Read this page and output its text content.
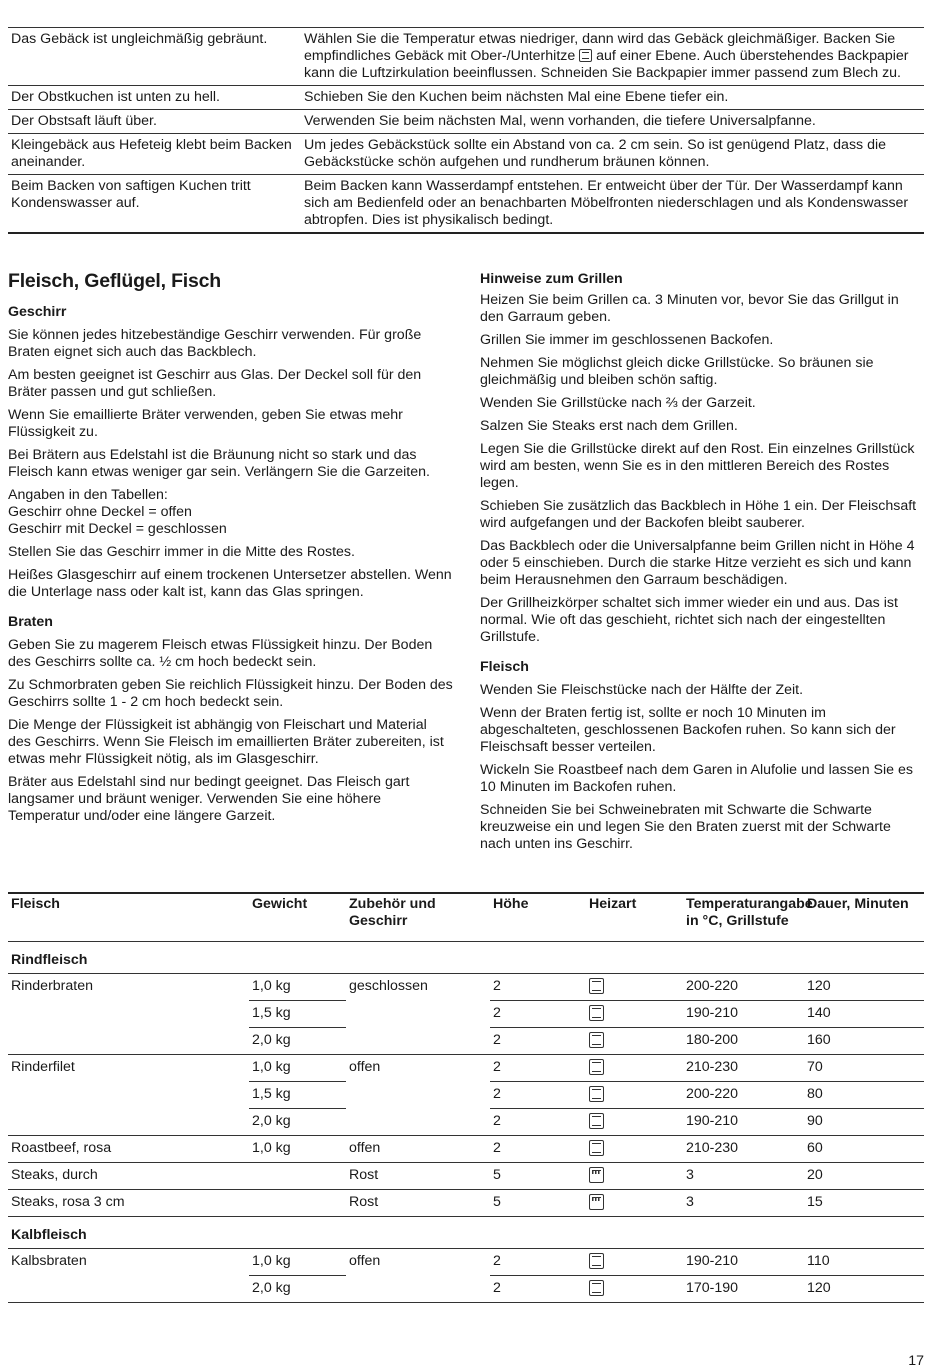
Das Gebäck ist ungleichmäßig gebräunt.	Wählen Sie die Temperatur etwas niedriger, dann wird das Gebäck gleichmäßiger. Backen Sie empfindliches Gebäck mit Ober-/Unterhitze auf einer Ebene. Auch überstehendes Backpapier kann die Luftzirkulation beeinflussen. Schneiden Sie Backpapier immer passend zum Blech zu.
Der Obstkuchen ist unten zu hell.	Schieben Sie den Kuchen beim nächsten Mal eine Ebene tiefer ein.
Der Obstsaft läuft über.	Verwenden Sie beim nächsten Mal, wenn vorhanden, die tiefere Universalpfanne.
Kleingebäck aus Hefeteig klebt beim Backen aneinander.	Um jedes Gebäckstück sollte ein Abstand von ca. 2 cm sein. So ist genügend Platz, dass die Gebäckstücke schön aufgehen und rundherum bräunen können.
Beim Backen von saftigen Kuchen tritt Kondenswasser auf.	Beim Backen kann Wasserdampf entstehen. Er entweicht über der Tür. Der Wasserdampf kann sich am Bedienfeld oder an benachbarten Möbelfronten niederschlagen und als Kondenswasser abtropfen. Dies ist physikalisch bedingt.
Fleisch, Geflügel, Fisch
Geschirr

Sie können jedes hitzebeständige Geschirr verwenden. Für große Braten eignet sich auch das Backblech.

Am besten geeignet ist Geschirr aus Glas. Der Deckel soll für den Bräter passen und gut schließen.

Wenn Sie emaillierte Bräter verwenden, geben Sie etwas mehr Flüssigkeit zu.

Bei Brätern aus Edelstahl ist die Bräunung nicht so stark und das Fleisch kann etwas weniger gar sein. Verlängern Sie die Garzeiten.

Angaben in den Tabellen:
Geschirr ohne Deckel = offen
Geschirr mit Deckel = geschlossen

Stellen Sie das Geschirr immer in die Mitte des Rostes.

Heißes Glasgeschirr auf einem trockenen Untersetzer abstellen. Wenn die Unterlage nass oder kalt ist, kann das Glas springen.

Braten

Geben Sie zu magerem Fleisch etwas Flüssigkeit hinzu. Der Boden des Geschirrs sollte ca. ½ cm hoch bedeckt sein.

Zu Schmorbraten geben Sie reichlich Flüssigkeit hinzu. Der Boden des Geschirrs sollte 1 - 2 cm hoch bedeckt sein.

Die Menge der Flüssigkeit ist abhängig von Fleischart und Material des Geschirrs. Wenn Sie Fleisch im emaillierten Bräter zubereiten, ist etwas mehr Flüssigkeit nötig, als im Glasgeschirr.

Bräter aus Edelstahl sind nur bedingt geeignet. Das Fleisch gart langsamer und bräunt weniger. Verwenden Sie eine höhere Temperatur und/oder eine längere Garzeit.

Hinweise zum Grillen

Heizen Sie beim Grillen ca. 3 Minuten vor, bevor Sie das Grillgut in den Garraum geben.

Grillen Sie immer im geschlossenen Backofen.

Nehmen Sie möglichst gleich dicke Grillstücke. So bräunen sie gleichmäßig und bleiben schön saftig.

Wenden Sie Grillstücke nach ⅔ der Garzeit.

Salzen Sie Steaks erst nach dem Grillen.

Legen Sie die Grillstücke direkt auf den Rost. Ein einzelnes Grillstück wird am besten, wenn Sie es in den mittleren Bereich des Rostes legen.

Schieben Sie zusätzlich das Backblech in Höhe 1 ein. Der Fleischsaft wird aufgefangen und der Backofen bleibt sauberer.

Das Backblech oder die Universalpfanne beim Grillen nicht in Höhe 4 oder 5 einschieben. Durch die starke Hitze verzieht es sich und kann beim Herausnehmen den Garraum beschädigen.

Der Grillheizkörper schaltet sich immer wieder ein und aus. Das ist normal. Wie oft das geschieht, richtet sich nach der eingestellten Grillstufe.

Fleisch

Wenden Sie Fleischstücke nach der Hälfte der Zeit.

Wenn der Braten fertig ist, sollte er noch 10 Minuten im abgeschalteten, geschlossenen Backofen ruhen. So kann sich der Fleischsaft besser verteilen.

Wickeln Sie Roastbeef nach dem Garen in Alufolie und lassen Sie es 10 Minuten im Backofen ruhen.

Schneiden Sie bei Schweinebraten mit Schwarte die Schwarte kreuzweise ein und legen Sie den Braten zuerst mit der Schwarte nach unten ins Geschirr.

Fleisch	Gewicht	Zubehör und Geschirr	Höhe	Heizart	Temperaturangabe in °C, Grillstufe	Dauer, Minuten
Rindfleisch						
Rinderbraten	1,0 kg	geschlossen	2		200-220	120
	1,5 kg		2		190-210	140
	2,0 kg		2		180-200	160
Rinderfilet	1,0 kg	offen	2		210-230	70
	1,5 kg		2		200-220	80
	2,0 kg		2		190-210	90
Roastbeef, rosa	1,0 kg	offen	2		210-230	60
Steaks, durch		Rost	5		3	20
Steaks, rosa 3 cm		Rost	5		3	15
Kalbfleisch						
Kalbsbraten	1,0 kg	offen	2		190-210	110
	2,0 kg		2		170-190	120
17
